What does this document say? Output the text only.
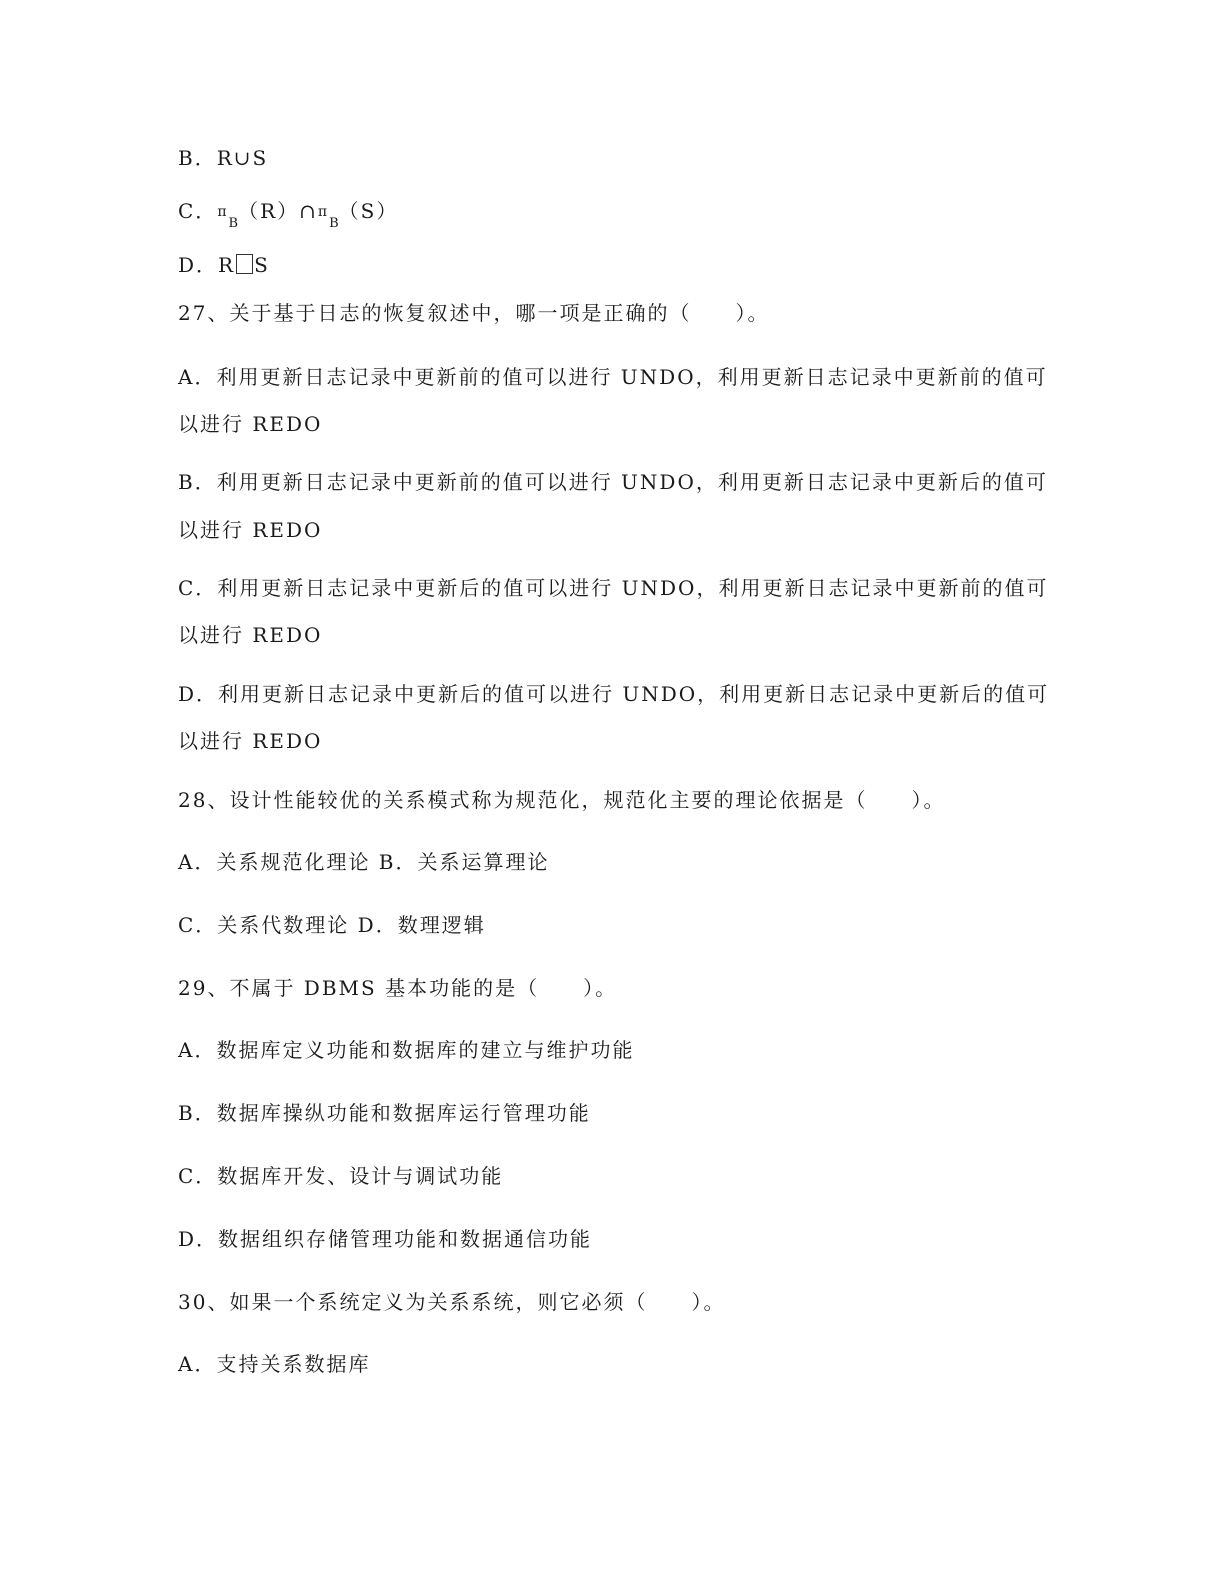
B．R∪S
C．$\pi_B(R)\cap\pi_B(S)$
D．R S
27、关于基于日志的恢复叙述中，哪一项是正确的（　　）。
A．利用更新日志记录中更新前的值可以进行 UNDO，利用更新日志记录中更新前的值可
以进行 REDO
B．利用更新日志记录中更新前的值可以进行 UNDO，利用更新日志记录中更新后的值可
以进行 REDO
C．利用更新日志记录中更新后的值可以进行 UNDO，利用更新日志记录中更新前的值可
以进行 REDO
D．利用更新日志记录中更新后的值可以进行 UNDO，利用更新日志记录中更新后的值可
以进行 REDO
28、设计性能较优的关系模式称为规范化，规范化主要的理论依据是（　　）。
A．关系规范化理论 B．关系运算理论
C．关系代数理论 D．数理逻辑
29、不属于 DBMS 基本功能的是（　　）。
A．数据库定义功能和数据库的建立与维护功能
B．数据库操纵功能和数据库运行管理功能
C．数据库开发、设计与调试功能
D．数据组织存储管理功能和数据通信功能
30、如果一个系统定义为关系系统，则它必须（　　）。
A．支持关系数据库
